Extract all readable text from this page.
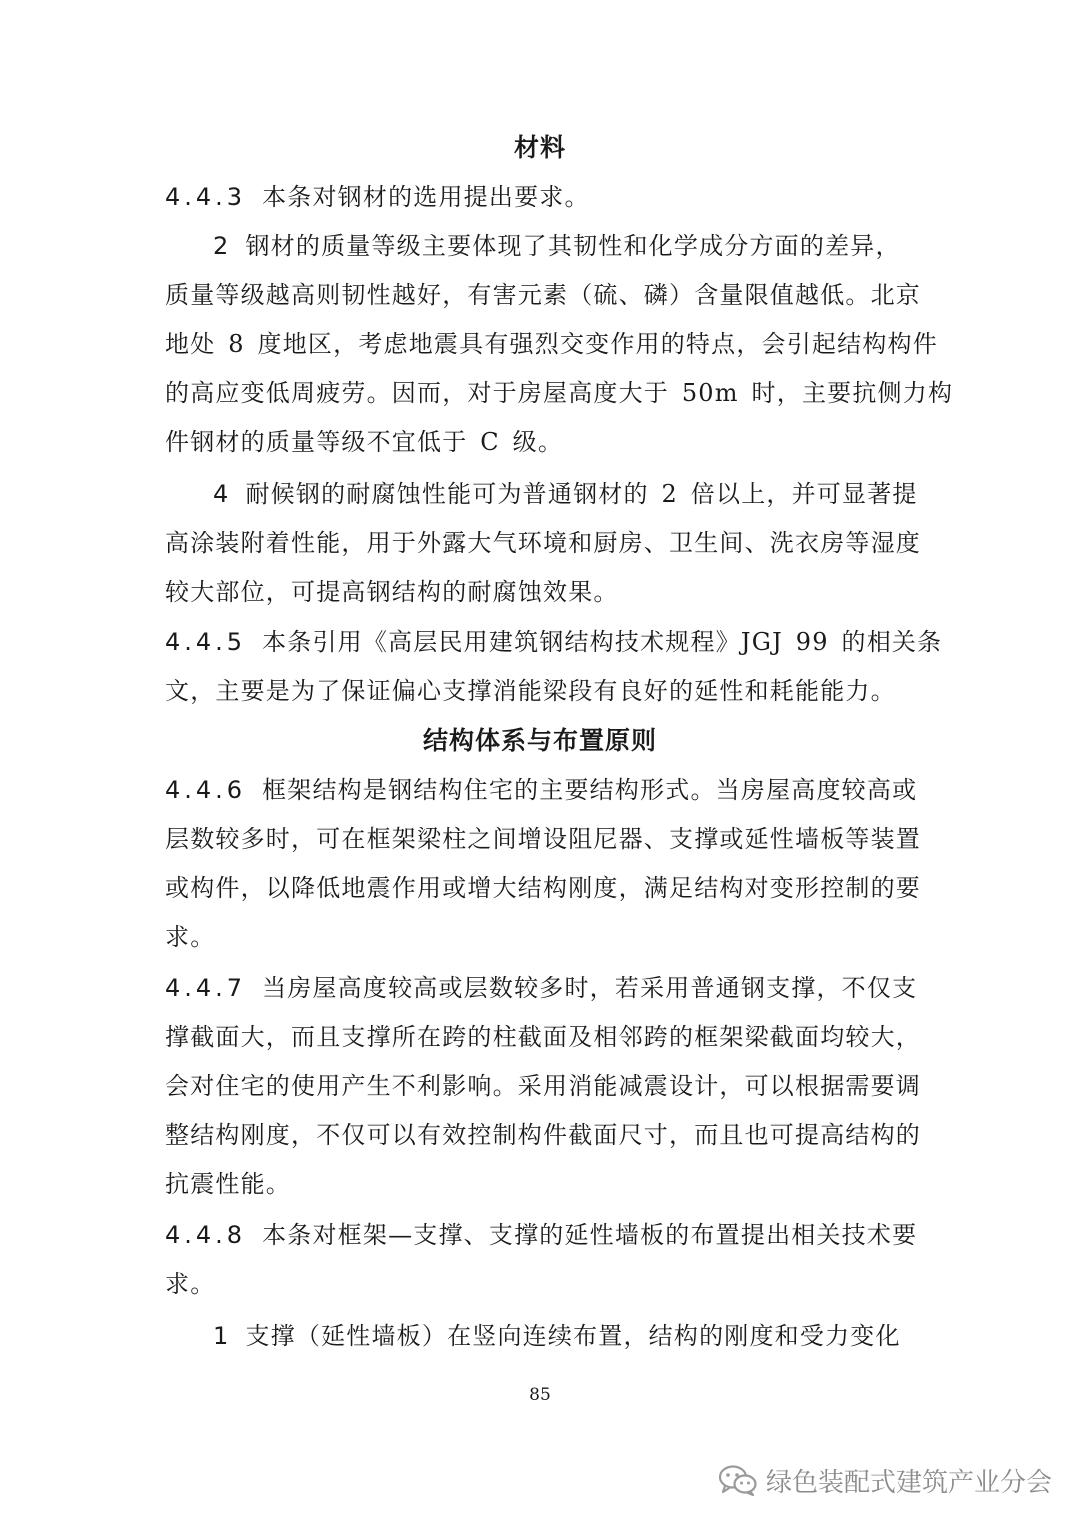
材料
4.4.3 本条对钢材的选用提出要求。
2 钢材的质量等级主要体现了其韧性和化学成分方面的差异，
质量等级越高则韧性越好，有害元素（硫、磷）含量限值越低。北京
地处 8 度地区，考虑地震具有强烈交变作用的特点，会引起结构构件
的高应变低周疲劳。因而，对于房屋高度大于 50m 时，主要抗侧力构
件钢材的质量等级不宜低于 C 级。
4 耐候钢的耐腐蚀性能可为普通钢材的 2 倍以上，并可显著提
高涂装附着性能，用于外露大气环境和厨房、卫生间、洗衣房等湿度
较大部位，可提高钢结构的耐腐蚀效果。
4.4.5 本条引用《高层民用建筑钢结构技术规程》JGJ 99 的相关条
文，主要是为了保证偏心支撑消能梁段有良好的延性和耗能能力。
结构体系与布置原则
4.4.6 框架结构是钢结构住宅的主要结构形式。当房屋高度较高或
层数较多时，可在框架梁柱之间增设阻尼器、支撑或延性墙板等装置
或构件，以降低地震作用或增大结构刚度，满足结构对变形控制的要
求。
4.4.7 当房屋高度较高或层数较多时，若采用普通钢支撑，不仅支
撑截面大，而且支撑所在跨的柱截面及相邻跨的框架梁截面均较大，
会对住宅的使用产生不利影响。采用消能减震设计，可以根据需要调
整结构刚度，不仅可以有效控制构件截面尺寸，而且也可提高结构的
抗震性能。
4.4.8 本条对框架—支撑、支撑的延性墙板的布置提出相关技术要
求。
1 支撑（延性墙板）在竖向连续布置，结构的刚度和受力变化
85
绿色装配式建筑产业分会
